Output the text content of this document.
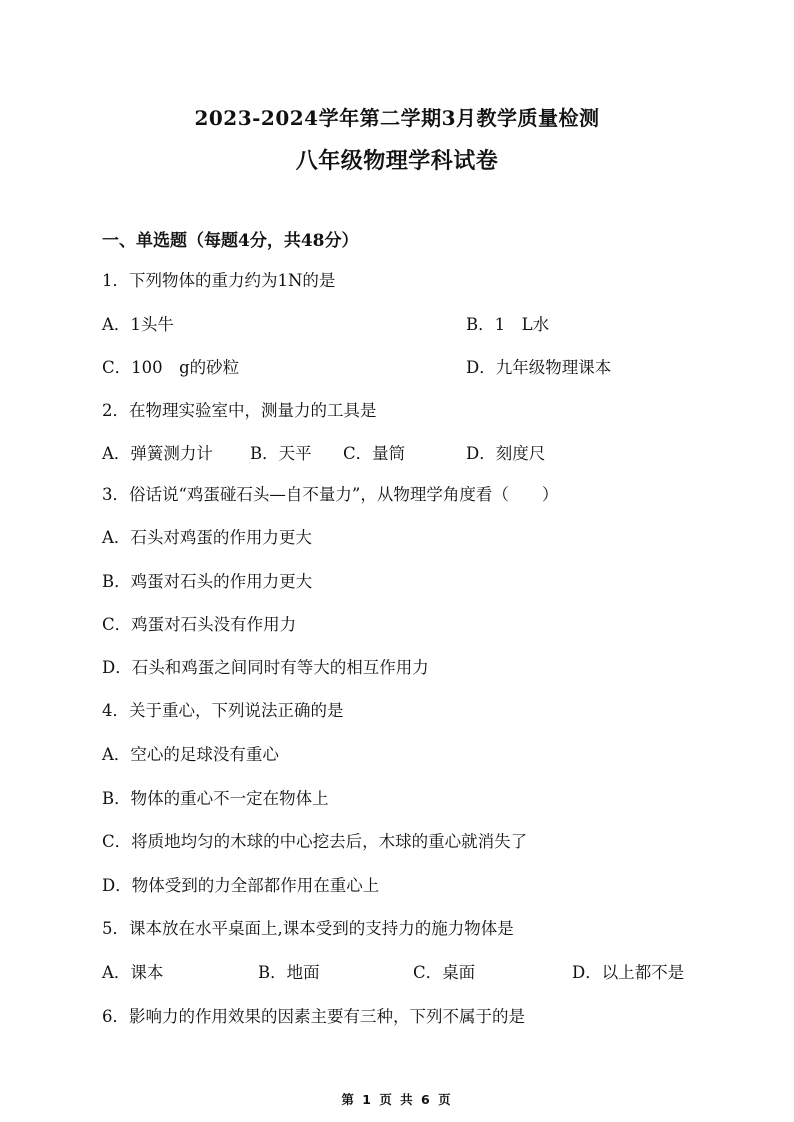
2023-2024学年第二学期3月教学质量检测
八年级物理学科试卷
一、单选题（每题4分，共48分）
1．下列物体的重力约为1N的是
A．1头牛	B．1　L水
C．100　g的砂粒	D．九年级物理课本
2．在物理实验室中，测量力的工具是
A．弹簧测力计 B．天平 C．量筒	D．刻度尺
3．俗话说“鸡蛋碰石头—自不量力”，从物理学角度看（　　）
A．石头对鸡蛋的作用力更大
B．鸡蛋对石头的作用力更大
C．鸡蛋对石头没有作用力
D．石头和鸡蛋之间同时有等大的相互作用力
4．关于重心，下列说法正确的是
A．空心的足球没有重心
B．物体的重心不一定在物体上
C．将质地均匀的木球的中心挖去后，木球的重心就消失了
D．物体受到的力全部都作用在重心上
5．课本放在水平桌面上,课本受到的支持力的施力物体是
A．课本	B．地面	C．桌面	D．以上都不是
6．影响力的作用效果的因素主要有三种，下列不属于的是
第 1 页 共 6 页
